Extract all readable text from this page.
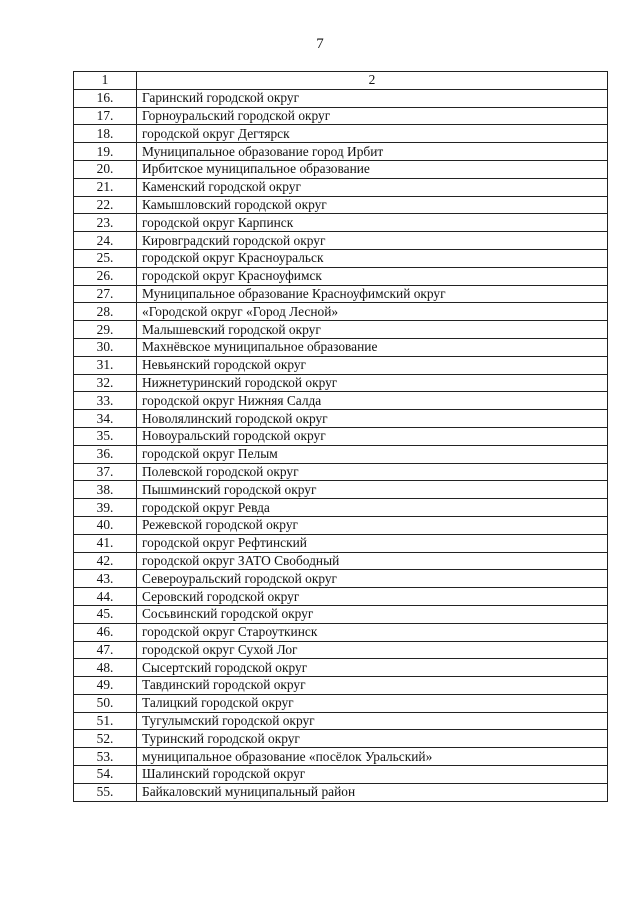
7
1	2
16.	Гаринский городской округ
17.	Горноуральский городской округ
18.	городской округ Дегтярск
19.	Муниципальное образование город Ирбит
20.	Ирбитское муниципальное образование
21.	Каменский городской округ
22.	Камышловский городской округ
23.	городской округ Карпинск
24.	Кировградский городской округ
25.	городской округ Красноуральск
26.	городской округ Красноуфимск
27.	Муниципальное образование Красноуфимский округ
28.	«Городской округ «Город Лесной»
29.	Малышевский городской округ
30.	Махнёвское муниципальное образование
31.	Невьянский городской округ
32.	Нижнетуринский городской округ
33.	городской округ Нижняя Салда
34.	Новолялинский городской округ
35.	Новоуральский городской округ
36.	городской округ Пелым
37.	Полевской городской округ
38.	Пышминский городской округ
39.	городской округ Ревда
40.	Режевской городской округ
41.	городской округ Рефтинский
42.	городской округ ЗАТО Свободный
43.	Североуральский городской округ
44.	Серовский городской округ
45.	Сосьвинский городской округ
46.	городской округ Староуткинск
47.	городской округ Сухой Лог
48.	Сысертский городской округ
49.	Тавдинский городской округ
50.	Талицкий городской округ
51.	Тугулымский городской округ
52.	Туринский городской округ
53.	муниципальное образование «посёлок Уральский»
54.	Шалинский городской округ
55.	Байкаловский муниципальный район
